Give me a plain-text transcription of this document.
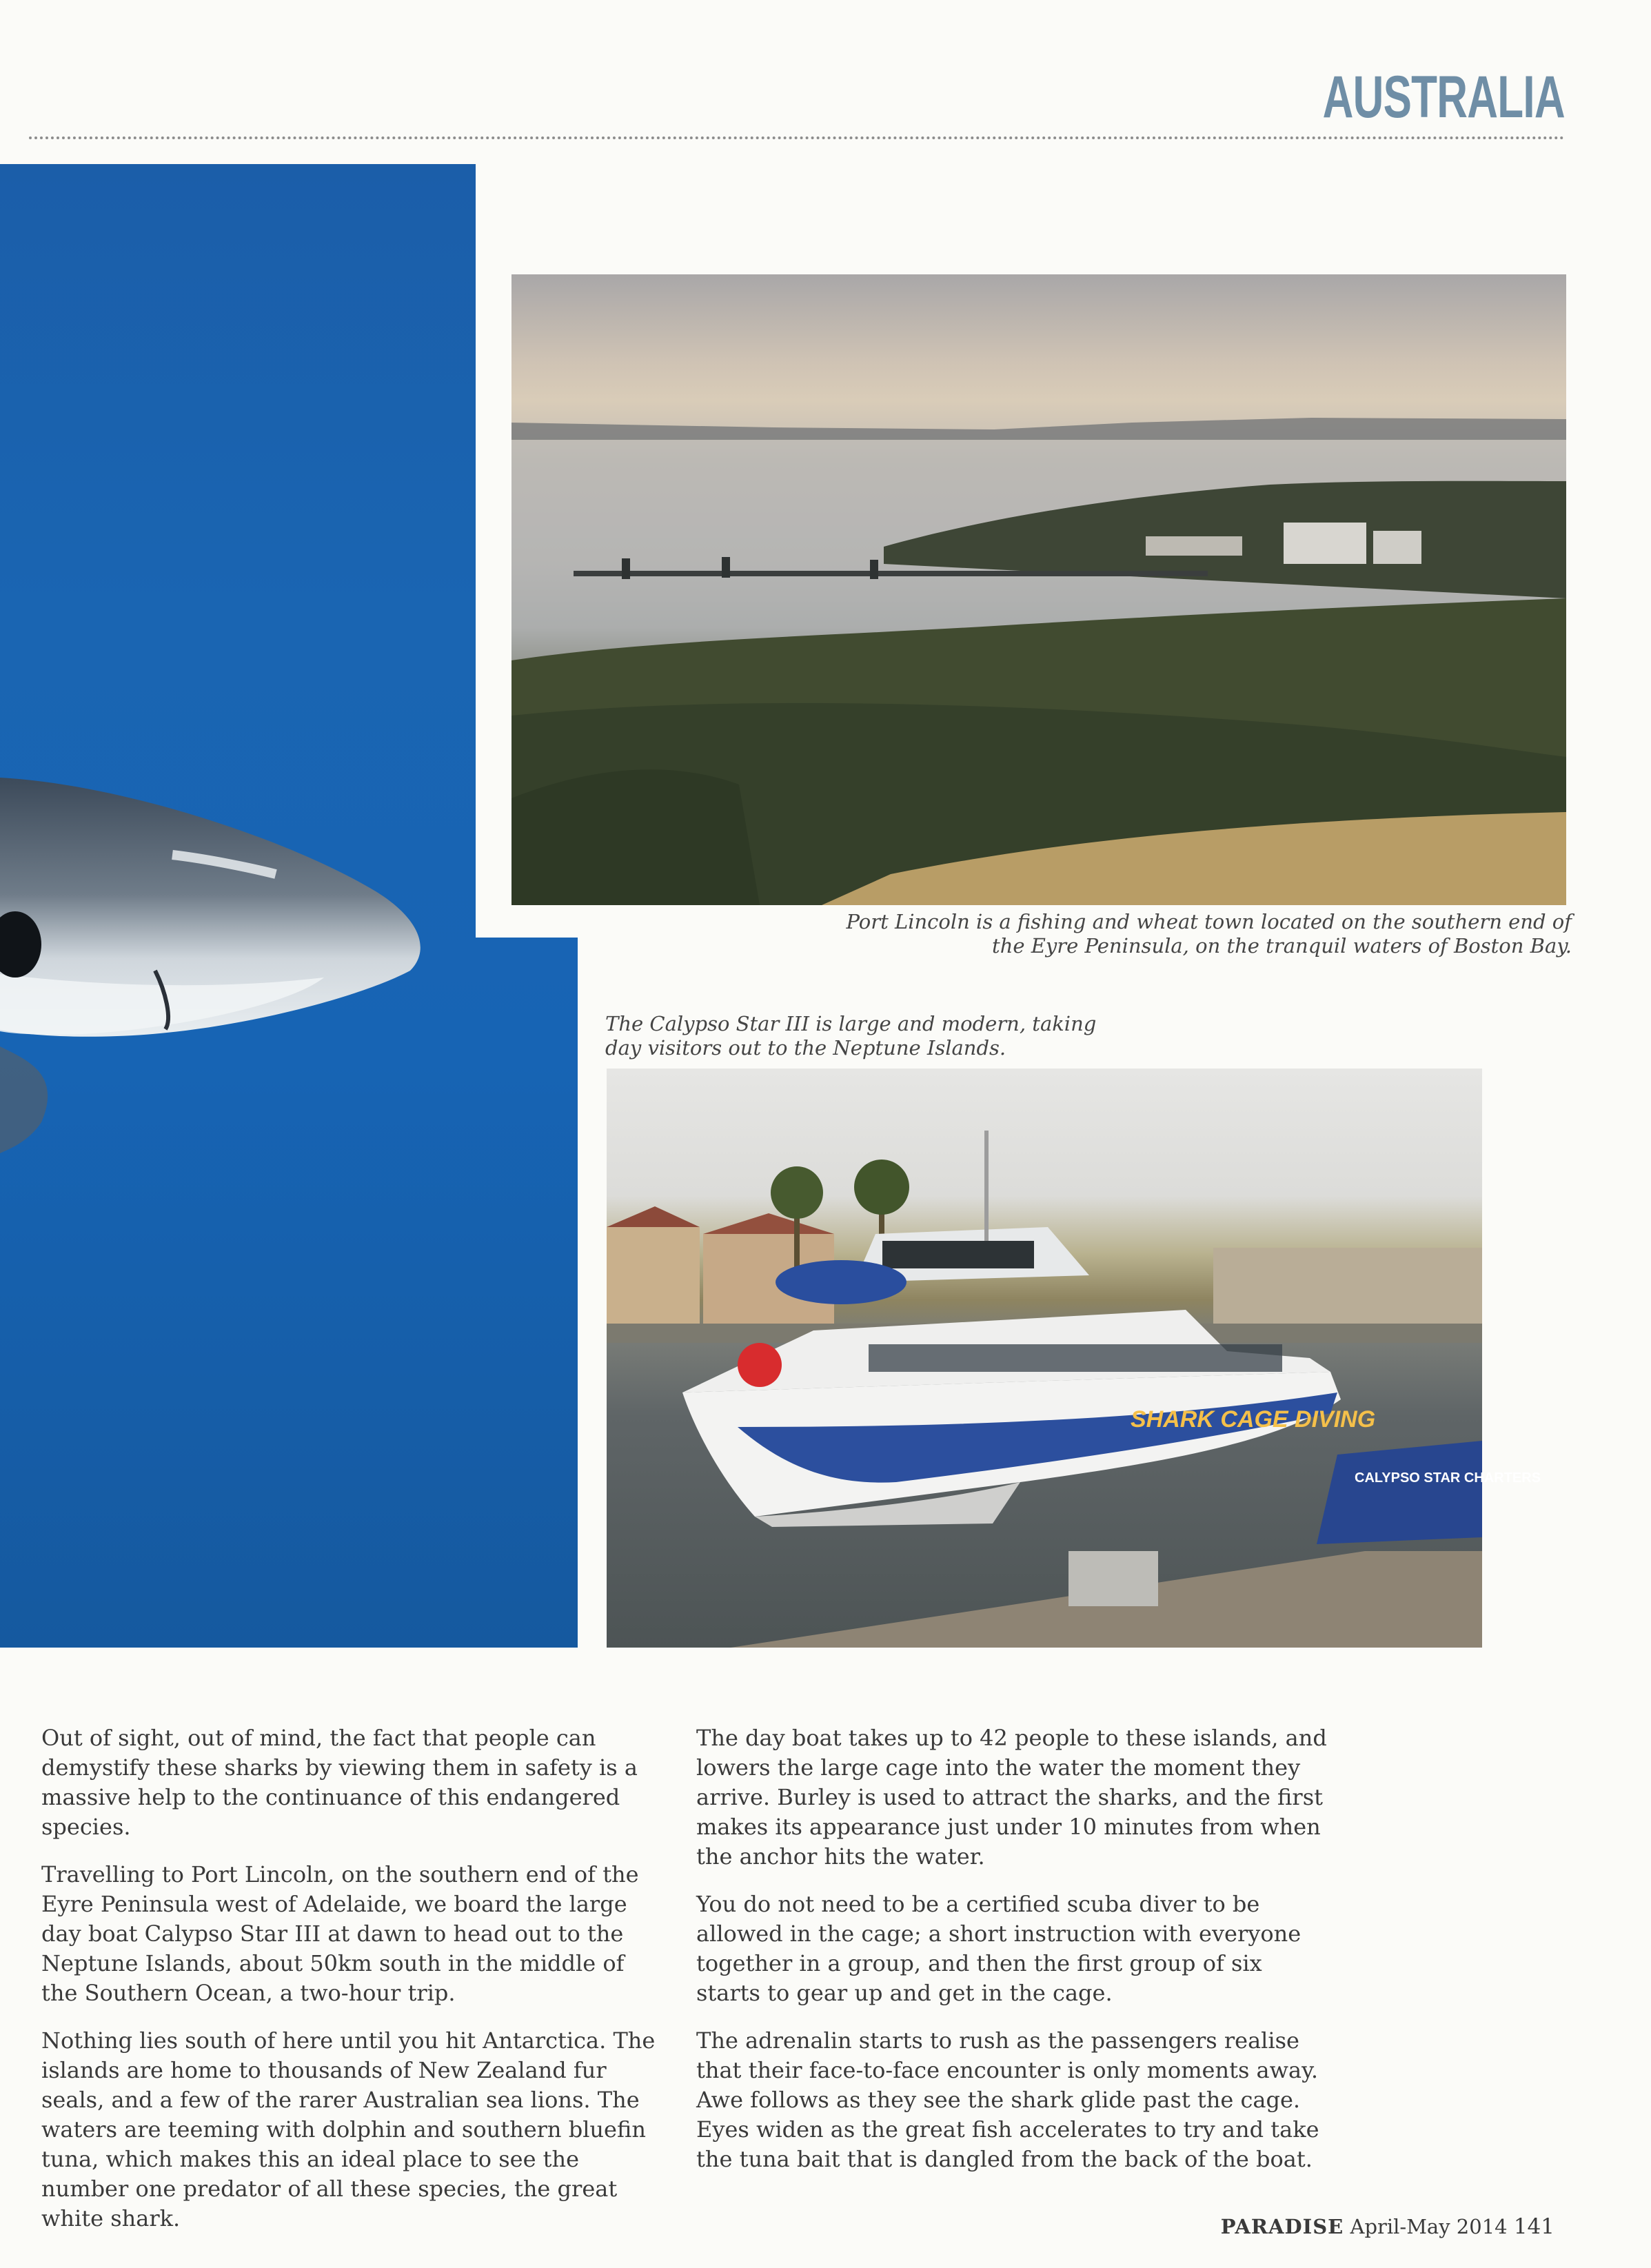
AUSTRALIA
Port Lincoln is a fishing and wheat town located on the southern end of the Eyre Peninsula, on the tranquil waters of Boston Bay.
The Calypso Star III is large and modern, taking day visitors out to the Neptune Islands.
SHARK CAGE DIVING
CALYPSO STAR CHARTERS

Out of sight, out of mind, the fact that people can demystify these sharks by viewing them in safety is a massive help to the continuance of this endangered species.

Travelling to Port Lincoln, on the southern end of the Eyre Peninsula west of Adelaide, we board the large day boat Calypso Star III at dawn to head out to the Neptune Islands, about 50km south in the middle of the Southern Ocean, a two-hour trip.

Nothing lies south of here until you hit Antarctica. The islands are home to thousands of New Zealand fur seals, and a few of the rarer Australian sea lions. The waters are teeming with dolphin and southern bluefin tuna, which makes this an ideal place to see the number one predator of all these species, the great white shark.

The day boat takes up to 42 people to these islands, and lowers the large cage into the water the moment they arrive. Burley is used to attract the sharks, and the first makes its appearance just under 10 minutes from when the anchor hits the water.

You do not need to be a certified scuba diver to be allowed in the cage; a short instruction with everyone together in a group, and then the first group of six starts to gear up and get in the cage.

The adrenalin starts to rush as the passengers realise that their face-to-face encounter is only moments away. Awe follows as they see the shark glide past the cage. Eyes widen as the great fish accelerates to try and take the tuna bait that is dangled from the back of the boat.

PARADISE April-May 2014 141
